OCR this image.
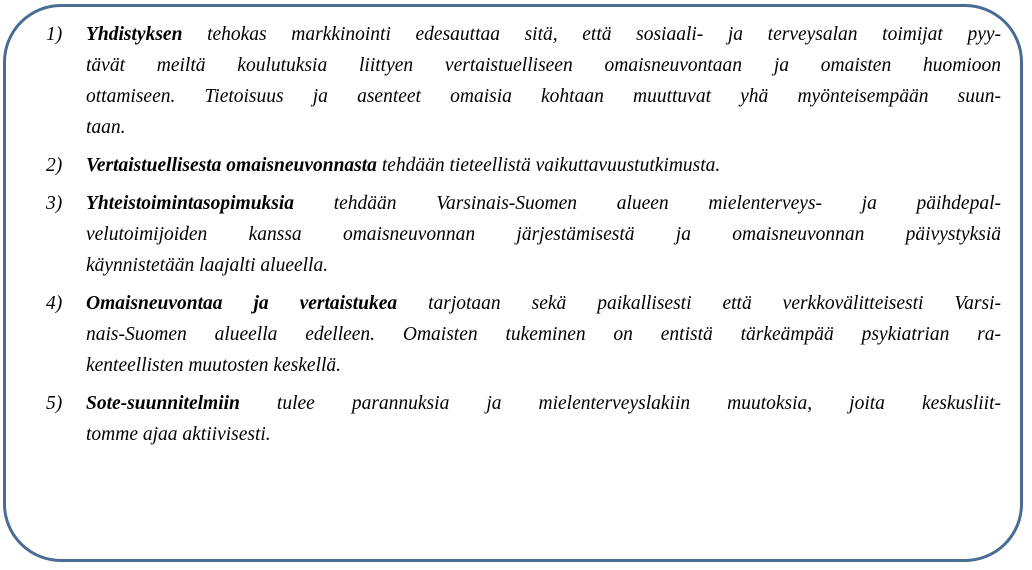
1) Yhdistyksen tehokas markkinointi edesauttaa sitä, että sosiaali- ja terveysalan toimijat pyy-
tävät meiltä koulutuksia liittyen vertaistuelliseen omaisneuvontaan ja omaisten huomioon
ottamiseen. Tietoisuus ja asenteet omaisia kohtaan muuttuvat yhä myönteisempään suun-
taan.
2) Vertaistuellisesta omaisneuvonnasta tehdään tieteellistä vaikuttavuustutkimusta.
3) Yhteistoimintasopimuksia tehdään Varsinais-Suomen alueen mielenterveys- ja päihdepal-
velutoimijoiden kanssa omaisneuvonnan järjestämisestä ja omaisneuvonnan päivystyksiä
käynnistetään laajalti alueella.
4) Omaisneuvontaa ja vertaistukea tarjotaan sekä paikallisesti että verkkovälitteisesti Varsi-
nais-Suomen alueella edelleen. Omaisten tukeminen on entistä tärkeämpää psykiatrian ra-
kenteellisten muutosten keskellä.
5) Sote-suunnitelmiin tulee parannuksia ja mielenterveyslakiin muutoksia, joita keskusliit-
tomme ajaa aktiivisesti.
